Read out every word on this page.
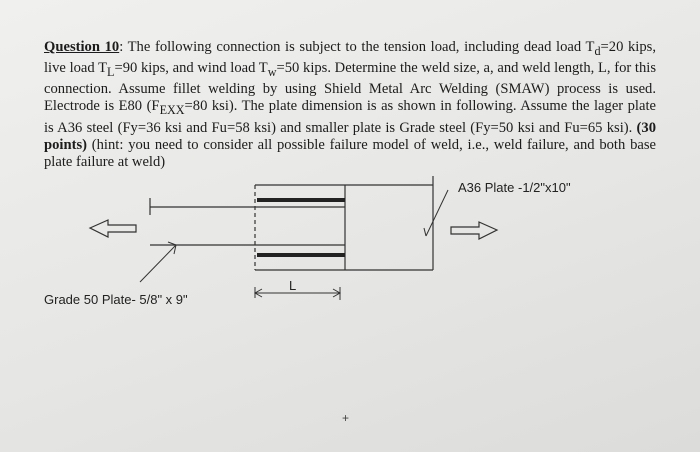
Question 10: The following connection is subject to the tension load, including dead load $T_d=20$ kips, live load $T_L=90$ kips, and wind load $T_w=50$ kips. Determine the weld size, a, and weld length, L, for this connection. Assume fillet welding by using Shield Metal Arc Welding (SMAW) process is used. Electrode is E80 ($F_{EXX}=80$ ksi). The plate dimension is as shown in following. Assume the lager plate is A36 steel (Fy=36 ksi and Fu=58 ksi) and smaller plate is Grade steel (Fy=50 ksi and Fu=65 ksi). (30 points) (hint: you need to consider all possible failure model of weld, i.e., weld failure, and both base plate failure at weld)
L
A36 Plate -1/2"x10"
Grade 50 Plate- 5/8" x 9"
+
